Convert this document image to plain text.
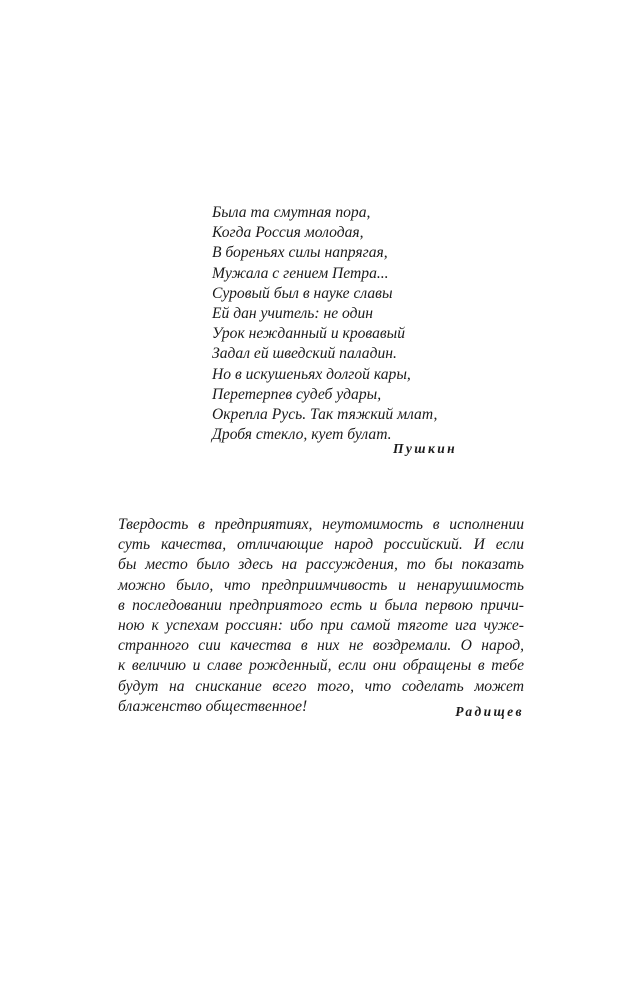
Была та смутная пора,
Когда Россия молодая,
В бореньях силы напрягая,
Мужала с гением Петра...
Суровый был в науке славы
Ей дан учитель: не один
Урок нежданный и кровавый
Задал ей шведский паладин.
Но в искушеньях долгой кары,
Перетерпев судеб удары,
Окрепла Русь. Так тяжкий млат,
Дробя стекло, кует булат.
Пушкин
Твердость в предприятиях, неутомимость в исполнении
суть качества, отличающие народ российский. И если
бы место было здесь на рассуждения, то бы показать
можно было, что предприимчивость и ненарушимость
в последовании предприятого есть и была первою причи-
ною к успехам россиян: ибо при самой тяготе ига чуже-
странного сии качества в них не воздремали. О народ,
к величию и славе рожденный, если они обращены в тебе
будут на снискание всего того, что соделать может
блаженство общественное!	Радищев
